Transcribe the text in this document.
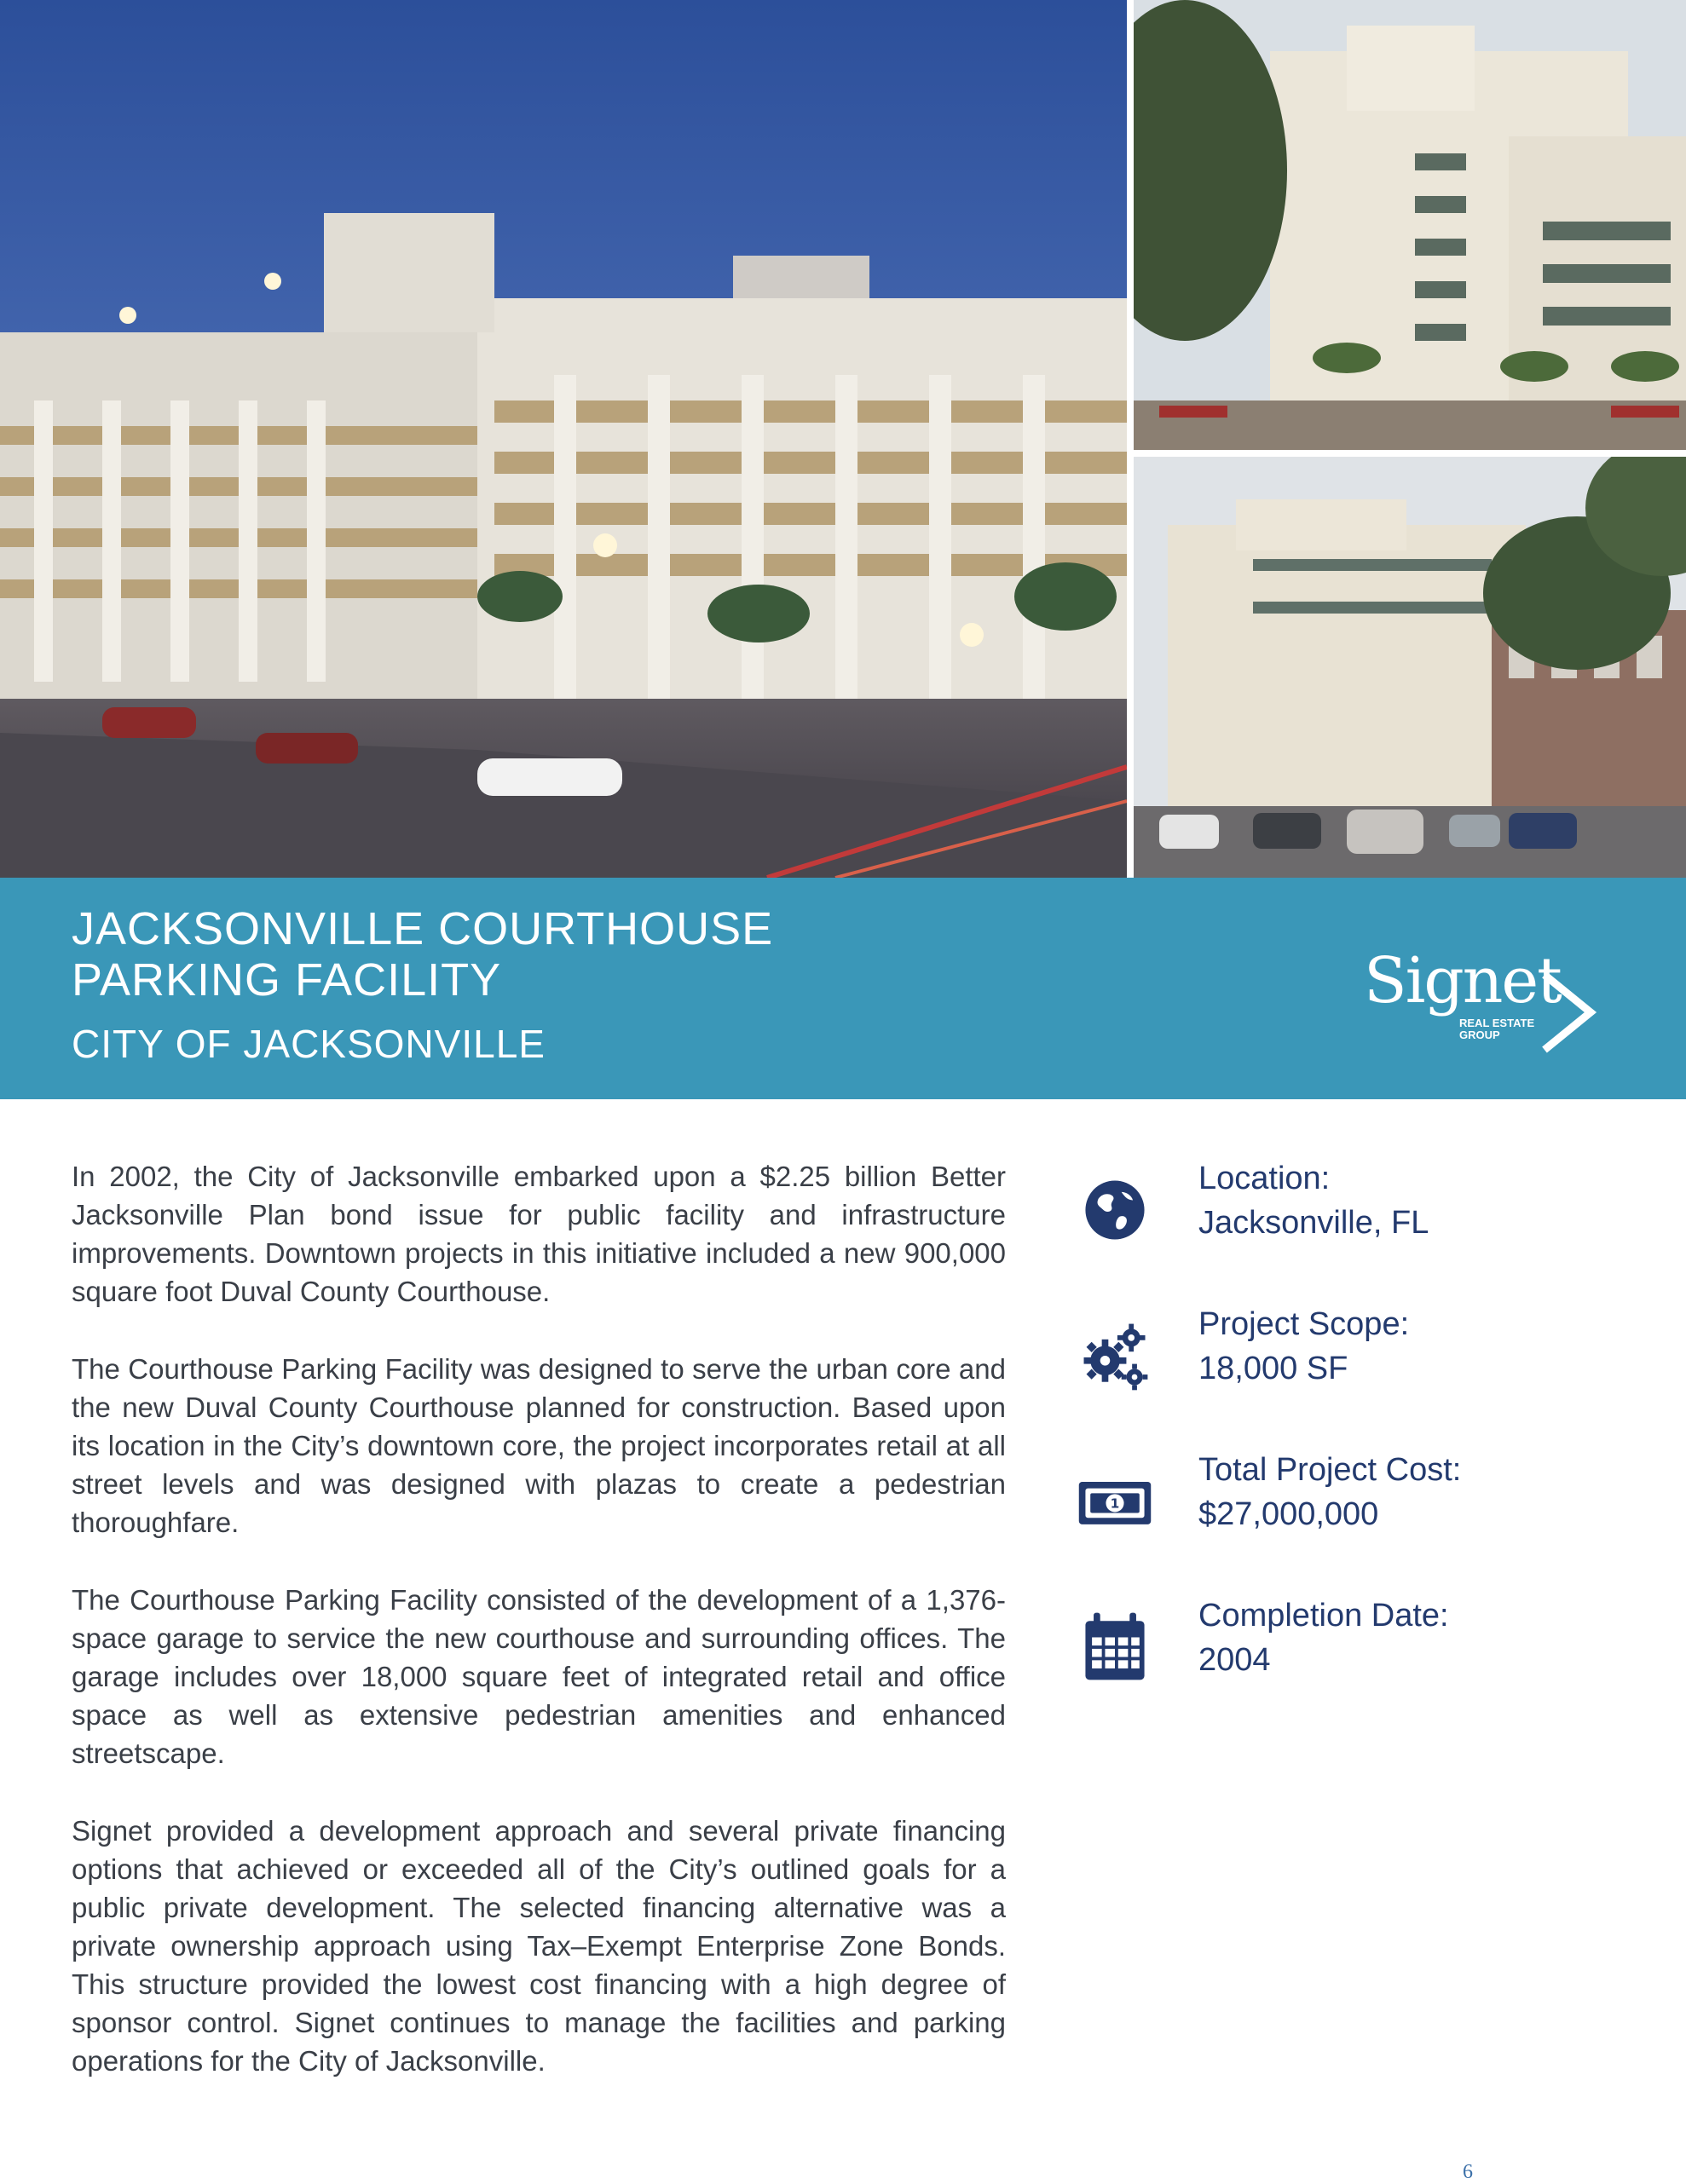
JACKSONVILLE COURTHOUSE
PARKING FACILITY
CITY OF JACKSONVILLE
Signet
REAL ESTATE
GROUP

In 2002, the City of Jacksonville embarked upon a $2.25 billion Better Jacksonville Plan bond issue for public facility and infrastructure improvements. Downtown projects in this initiative included a new 900,000 square foot Duval County Courthouse.

The Courthouse Parking Facility was designed to serve the urban core and the new Duval County Courthouse planned for construction. Based upon its location in the City’s downtown core, the project incorporates retail at all street levels and was designed with plazas to create a pedestrian thoroughfare.

The Courthouse Parking Facility consisted of the development of a 1,376-space garage to service the new courthouse and surrounding offices. The garage includes over 18,000 square feet of integrated retail and office space as well as extensive pedestrian amenities and enhanced streetscape.

Signet provided a development approach and several private financing options that achieved or exceeded all of the City’s outlined goals for a public private development. The selected financing alternative was a private ownership approach using Tax–Exempt Enterprise Zone Bonds. This structure provided the lowest cost financing with a high degree of sponsor control. Signet continues to manage the facilities and parking operations for the City of Jacksonville.

Location:
Jacksonville, FL
Project Scope:
18,000 SF
1
Total Project Cost:
$27,000,000
Completion Date:
2004
6
